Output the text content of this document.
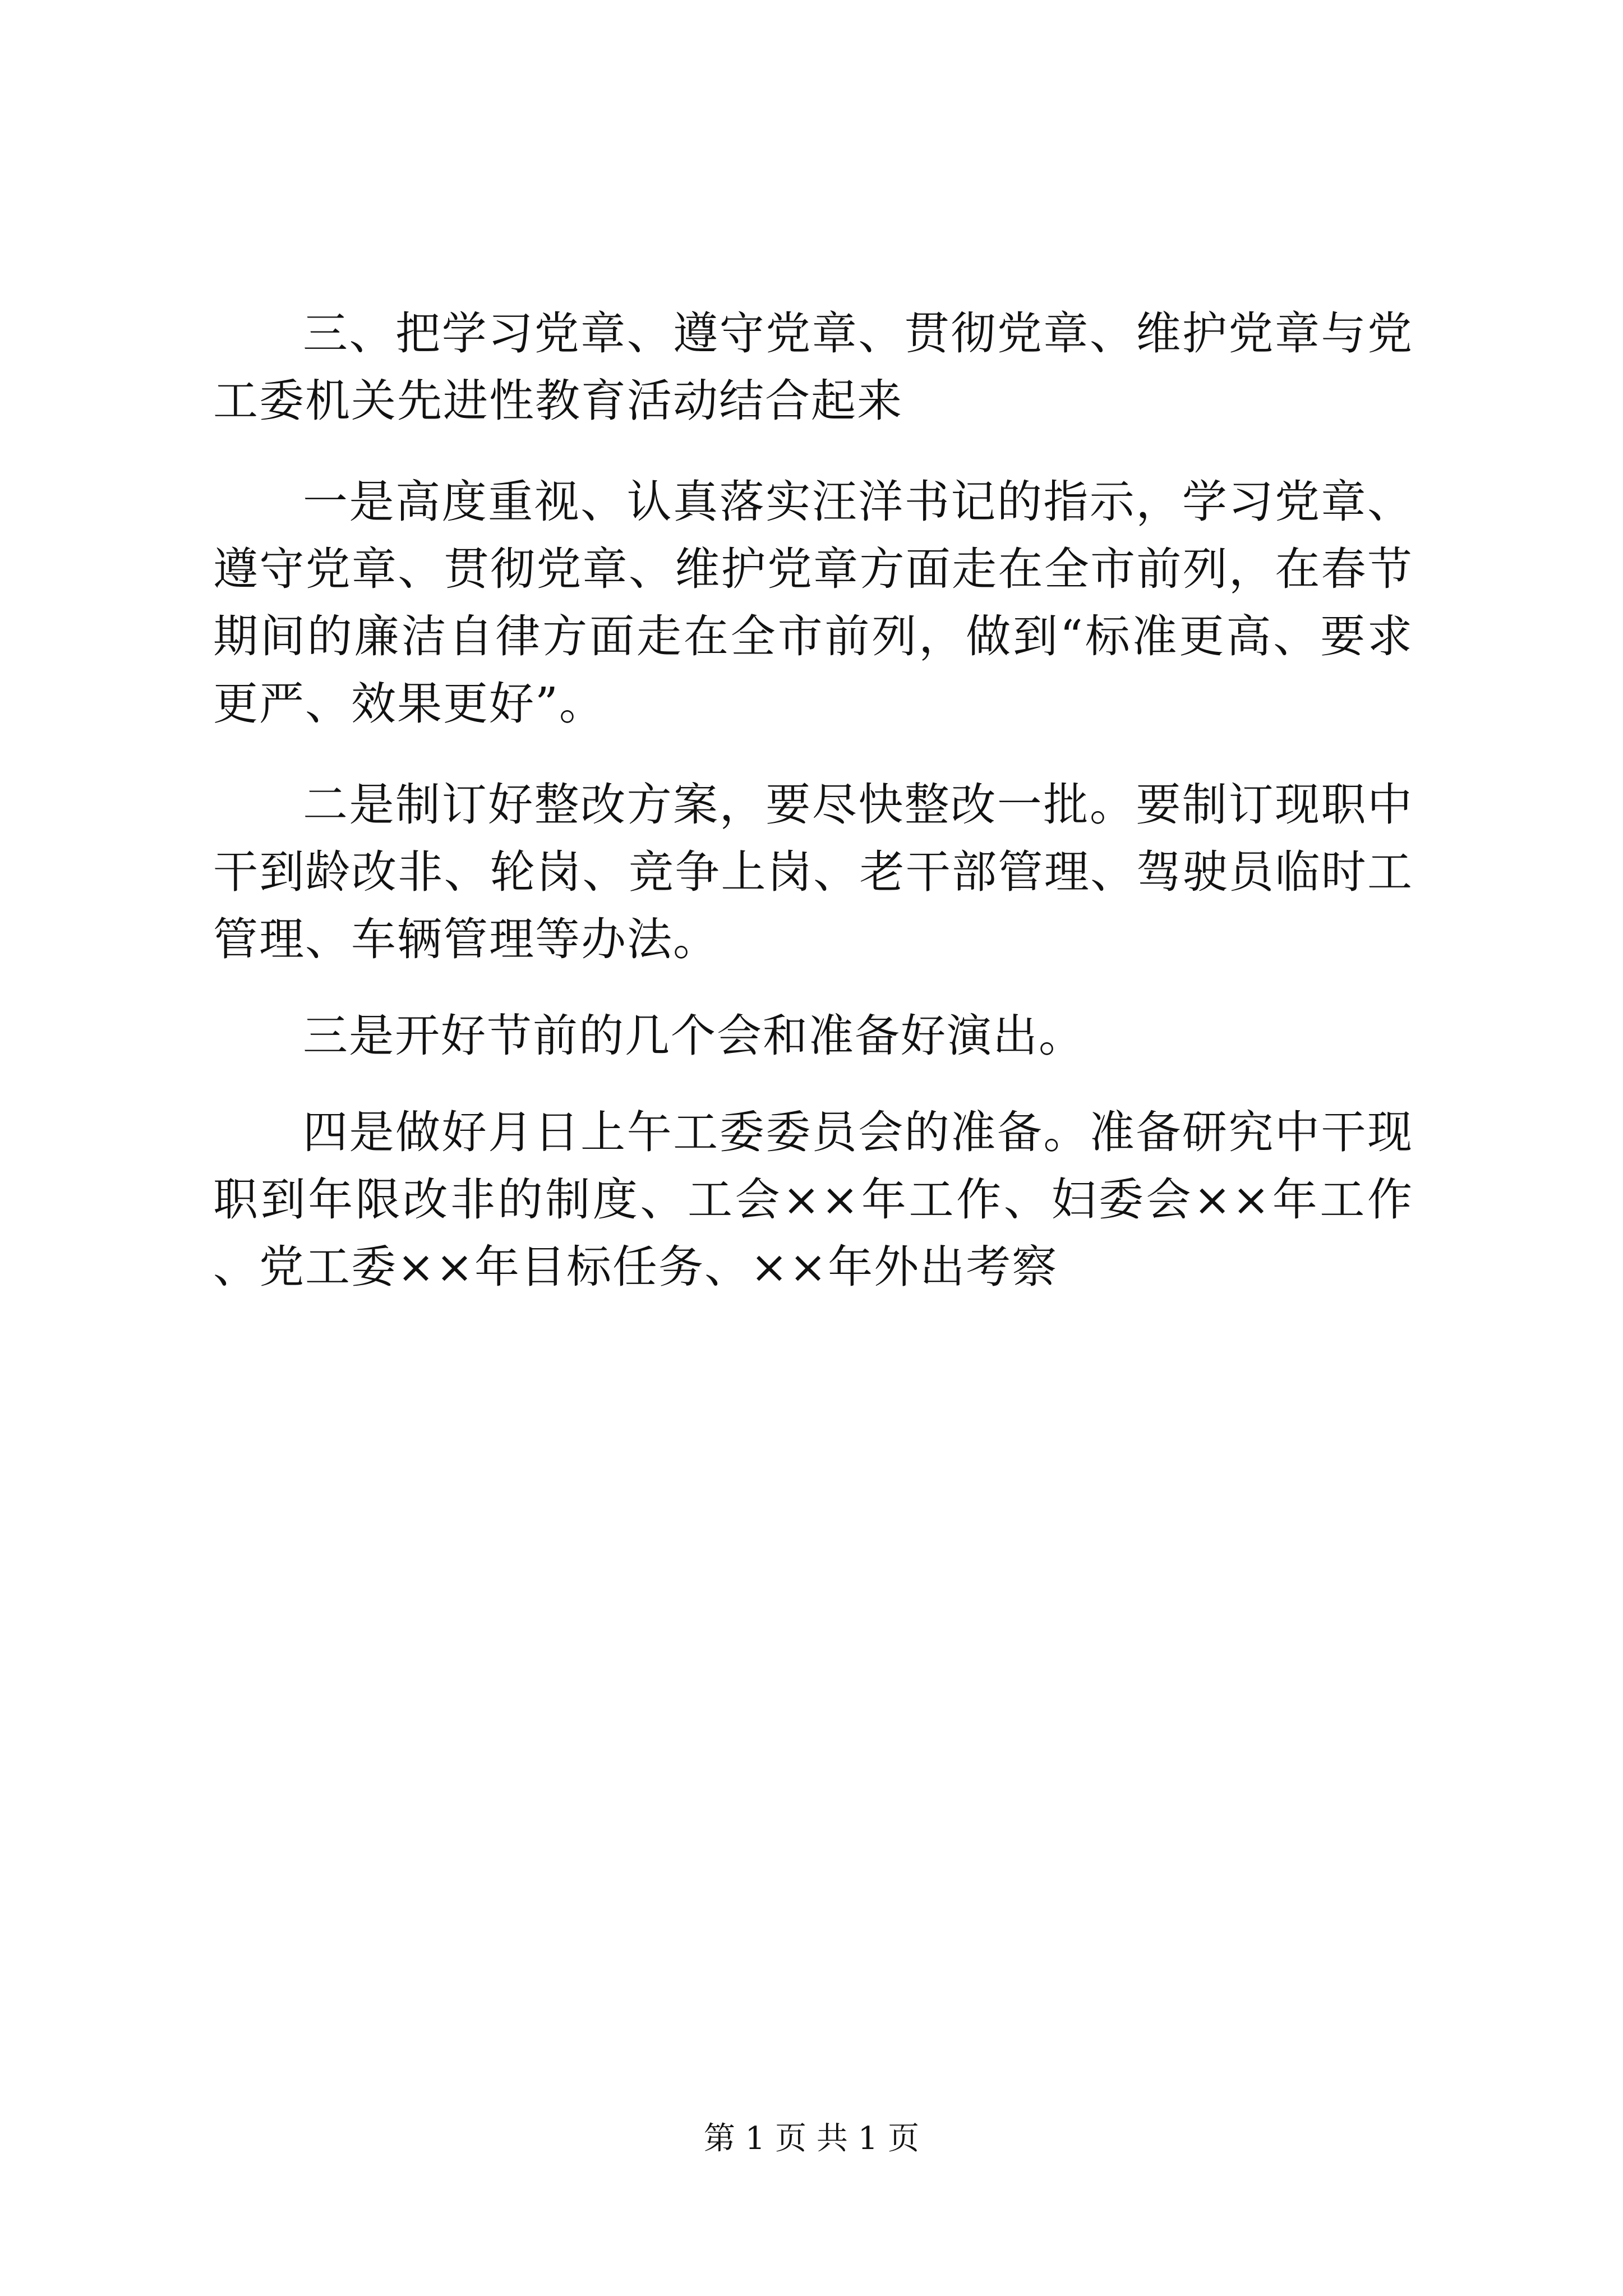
三、把学习党章、遵守党章、贯彻党章、维护党章与党工委机关先进性教育活动结合起来

一是高度重视、认真落实汪洋书记的指示，学习党章、遵守党章、贯彻党章、维护党章方面走在全市前列，在春节期间的廉洁自律方面走在全市前列，做到“标准更高、要求更严、效果更好”。

二是制订好整改方案，要尽快整改一批。要制订现职中干到龄改非、轮岗、竞争上岗、老干部管理、驾驶员临时工管理、车辆管理等办法。

三是开好节前的几个会和准备好演出。

四是做好月日上午工委委员会的准备。准备研究中干现职到年限改非的制度、工会××年工作、妇委会××年工作、党工委××年目标任务、××年外出考察

第 1 页 共 1 页
